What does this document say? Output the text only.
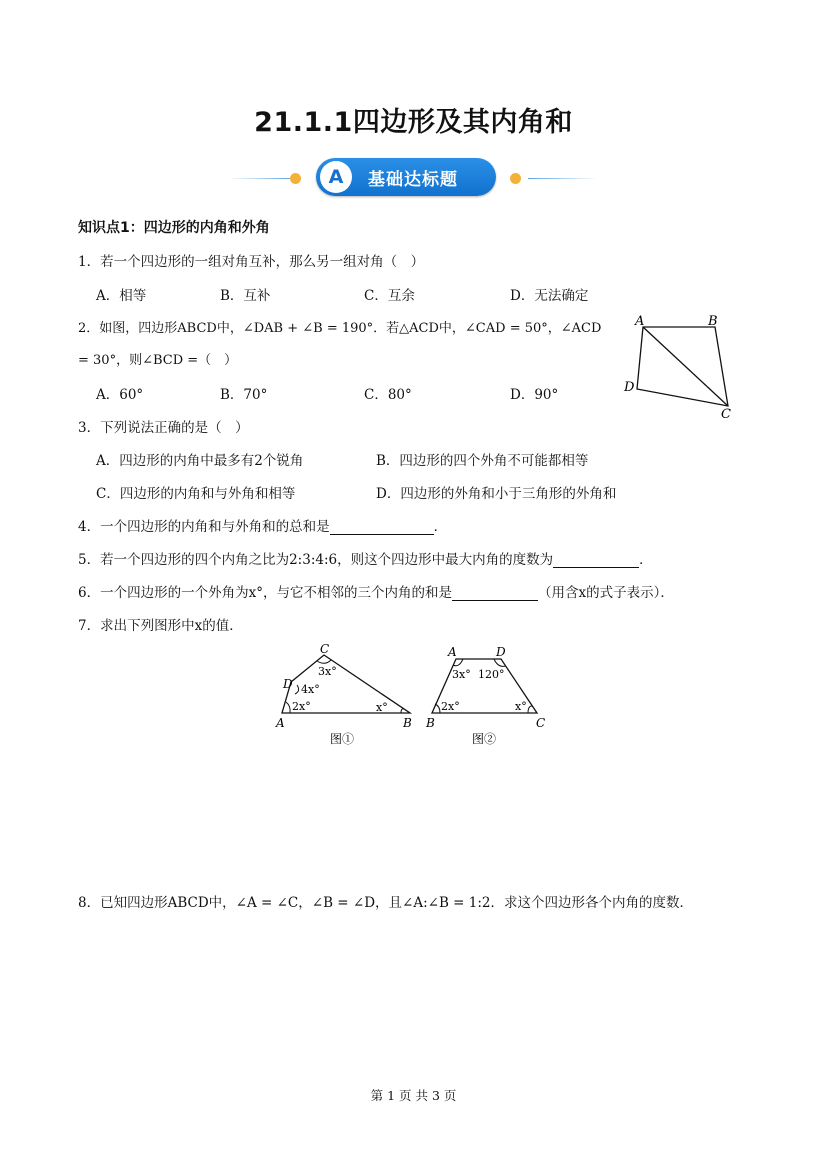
21.1.1四边形及其内角和
A	基础达标题
知识点1：四边形的内角和外角
1．若一个四边形的一组对角互补，那么另一组对角（　）
A．相等	B．互补	C．互余	D．无法确定
2．如图，四边形ABCD中，∠DAB + ∠B = 190°．若△ACD中，∠CAD = 50°，∠ACD
= 30°，则∠BCD =（　）
A．60°	B．70°	C．80°	D．90°
A	B
C
D
3．下列说法正确的是（　）
A．四边形的内角中最多有2个锐角	B．四边形的四个外角不可能都相等
C．四边形的内角和与外角和相等	D．四边形的外角和小于三角形的外角和
4．一个四边形的内角和与外角和的总和是	．
5．若一个四边形的四个内角之比为2:3:4:6，则这个四边形中最大内角的度数为	．
6．一个四边形的一个外角为x°，与它不相邻的三个内角的和是	（用含x的式子表示）．
7．求出下列图形中x的值．
C
D
A	B
3x°
4x°
2x°	x°
图①
A	D
B	C
3x° 120°
2x°	x°
图②
8．已知四边形ABCD中，∠A = ∠C，∠B = ∠D，且∠A:∠B = 1:2．求这个四边形各个内角的度数．
第 1 页 共 3 页
